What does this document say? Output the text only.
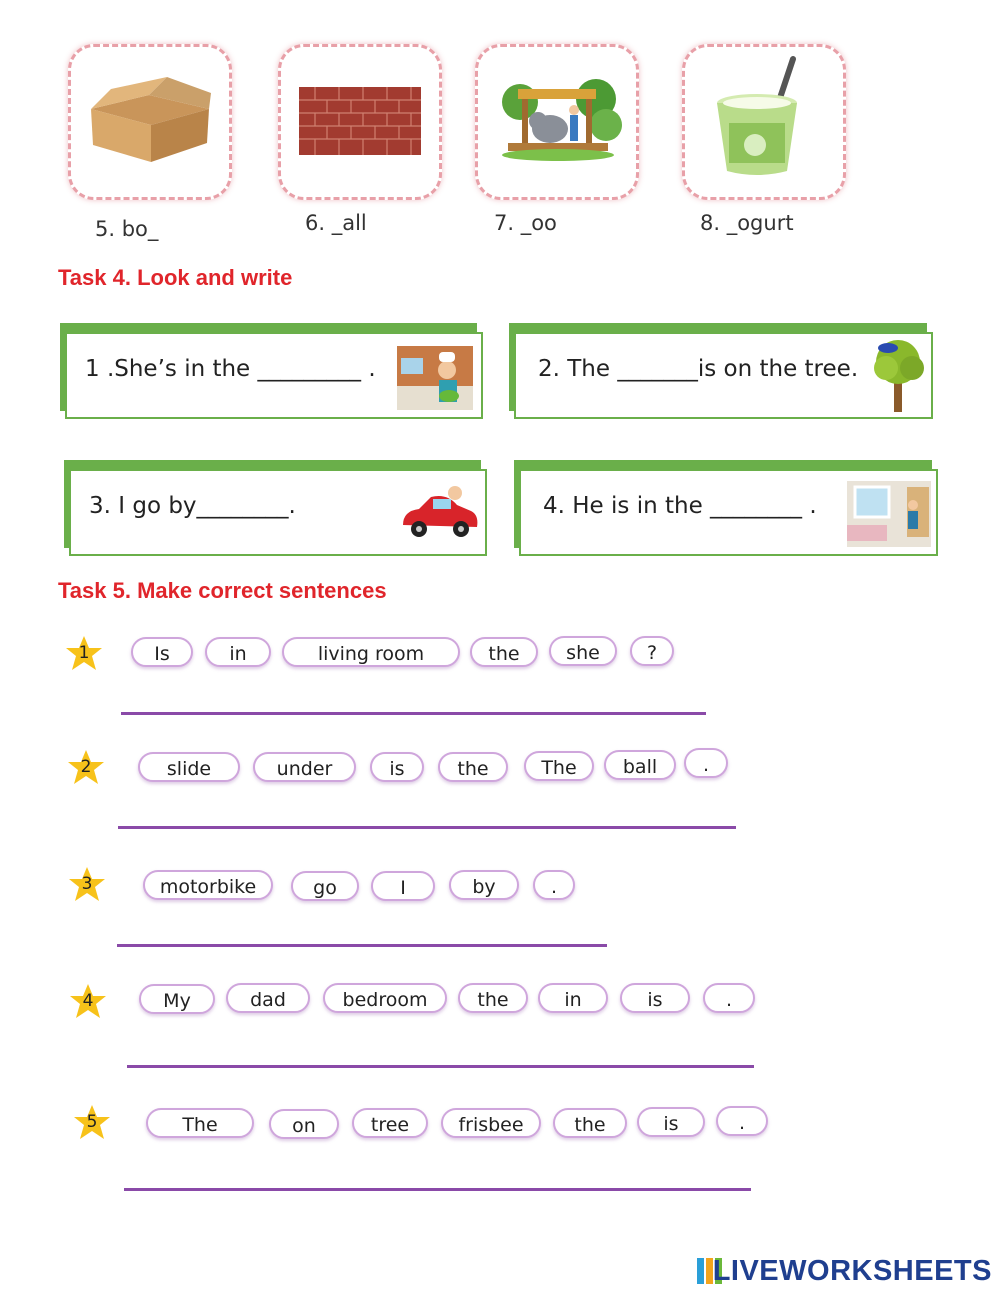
5. bo_	6. _all	7. _oo	8. _ogurt
Task 4. Look and write
1 .She’s in the _________ .	2. The _______is on the tree.
3. I go by________.	4. He is in the ________ .
Task 5. Make correct sentences
1	Is	in	living room	the	she	?
2	slide	under	is	the	The	ball	.
3	motorbike	go	I	by	.
4	My	dad	bedroom	the	in	is	.
5	The	on	tree	frisbee	the	is	.
LIVEWORKSHEETS
